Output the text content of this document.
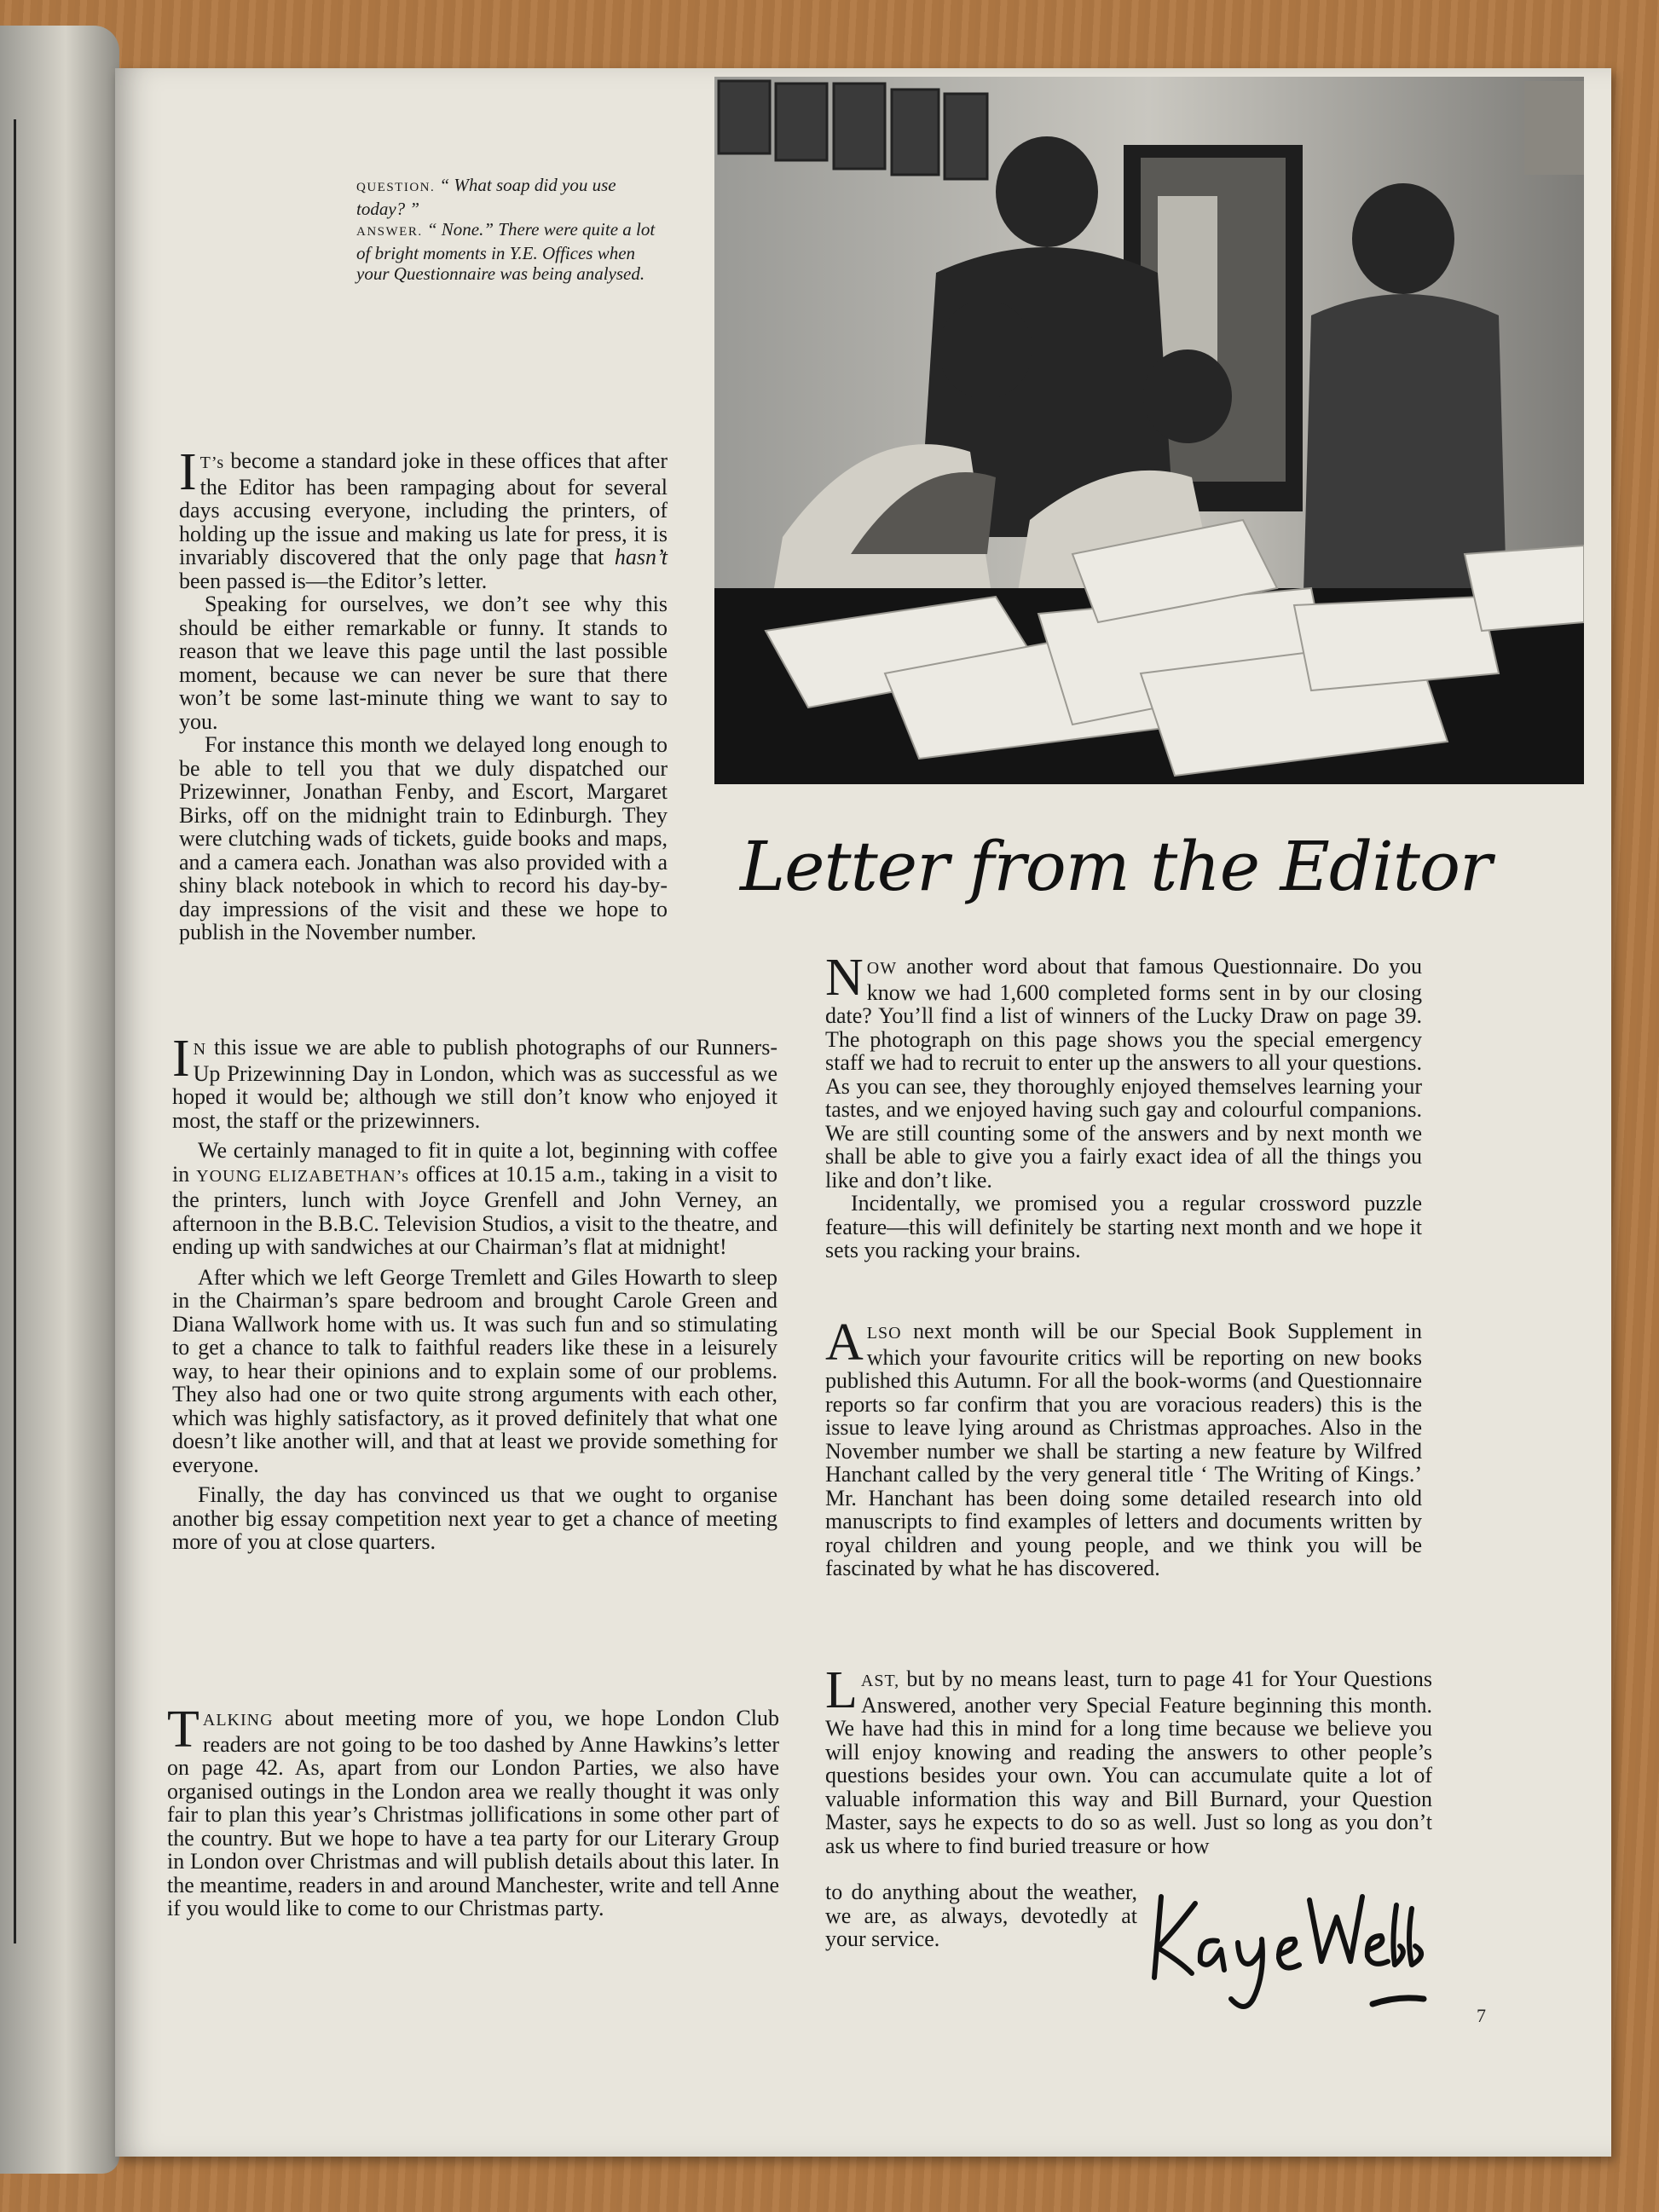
QUESTION. “ What soap did you use today? ”

ANSWER. “ None.” There were quite a lot of bright moments in Y.E. Offices when your Questionnaire was being analysed.

I T’s become a standard joke in these offices that after the Editor has been rampaging about for several days accusing everyone, including the printers, of holding up the issue and making us late for press, it is invariably discovered that the only page that hasn’t been passed is—the Editor’s letter.

Speaking for ourselves, we don’t see why this should be either remarkable or funny. It stands to reason that we leave this page until the last possible moment, because we can never be sure that there won’t be some last-minute thing we want to say to you.

For instance this month we delayed long enough to be able to tell you that we duly dispatched our Prizewinner, Jonathan Fenby, and Escort, Margaret Birks, off on the midnight train to Edinburgh. They were clutching wads of tickets, guide books and maps, and a camera each. Jonathan was also provided with a shiny black notebook in which to record his day-by-day impressions of the visit and these we hope to publish in the November number.

Letter from the Editor

I N this issue we are able to publish photographs of our Runners-Up Prizewinning Day in London, which was as successful as we hoped it would be; although we still don’t know who enjoyed it most, the staff or the prizewinners.

We certainly managed to fit in quite a lot, beginning with coffee in YOUNG ELIZABETHAN’s offices at 10.15 a.m., taking in a visit to the printers, lunch with Joyce Grenfell and John Verney, an afternoon in the B.B.C. Television Studios, a visit to the theatre, and ending up with sandwiches at our Chairman’s flat at midnight!

After which we left George Tremlett and Giles Howarth to sleep in the Chairman’s spare bedroom and brought Carole Green and Diana Wallwork home with us. It was such fun and so stimulating to get a chance to talk to faithful readers like these in a leisurely way, to hear their opinions and to explain some of our problems. They also had one or two quite strong arguments with each other, which was highly satisfactory, as it proved definitely that what one doesn’t like another will, and that at least we provide something for everyone.

Finally, the day has convinced us that we ought to organise another big essay competition next year to get a chance of meeting more of you at close quarters.

TALKING about meeting more of you, we hope London Club readers are not going to be too dashed by Anne Hawkins’s letter on page 42. As, apart from our London Parties, we also have organised outings in the London area we really thought it was only fair to plan this year’s Christmas jollifications in some other part of the country. But we hope to have a tea party for our Literary Group in London over Christmas and will publish details about this later. In the meantime, readers in and around Manchester, write and tell Anne if you would like to come to our Christmas party.

NOW another word about that famous Questionnaire. Do you know we had 1,600 completed forms sent in by our closing date? You’ll find a list of winners of the Lucky Draw on page 39. The photograph on this page shows you the special emergency staff we had to recruit to enter up the answers to all your questions. As you can see, they thoroughly enjoyed themselves learning your tastes, and we enjoyed having such gay and colourful companions. We are still counting some of the answers and by next month we shall be able to give you a fairly exact idea of all the things you like and don’t like.

Incidentally, we promised you a regular crossword puzzle feature—this will definitely be starting next month and we hope it sets you racking your brains.

ALSO next month will be our Special Book Supplement in which your favourite critics will be reporting on new books published this Autumn. For all the book-worms (and Questionnaire reports so far confirm that you are voracious readers) this is the issue to leave lying around as Christmas approaches. Also in the November number we shall be starting a new feature by Wilfred Hanchant called by the very general title ‘ The Writing of Kings.’ Mr. Hanchant has been doing some detailed research into old manuscripts to find examples of letters and documents written by royal children and young people, and we think you will be fascinated by what he has discovered.

LAST, but by no means least, turn to page 41 for Your Questions Answered, another very Special Feature beginning this month. We have had this in mind for a long time because we believe you will enjoy knowing and reading the answers to other people’s questions besides your own. You can accumulate quite a lot of valuable information this way and Bill Burnard, your Question Master, says he expects to do so as well. Just so long as you don’t ask us where to find buried treasure or how

to do anything about the weather, we are, as always, devotedly at your service.

7
